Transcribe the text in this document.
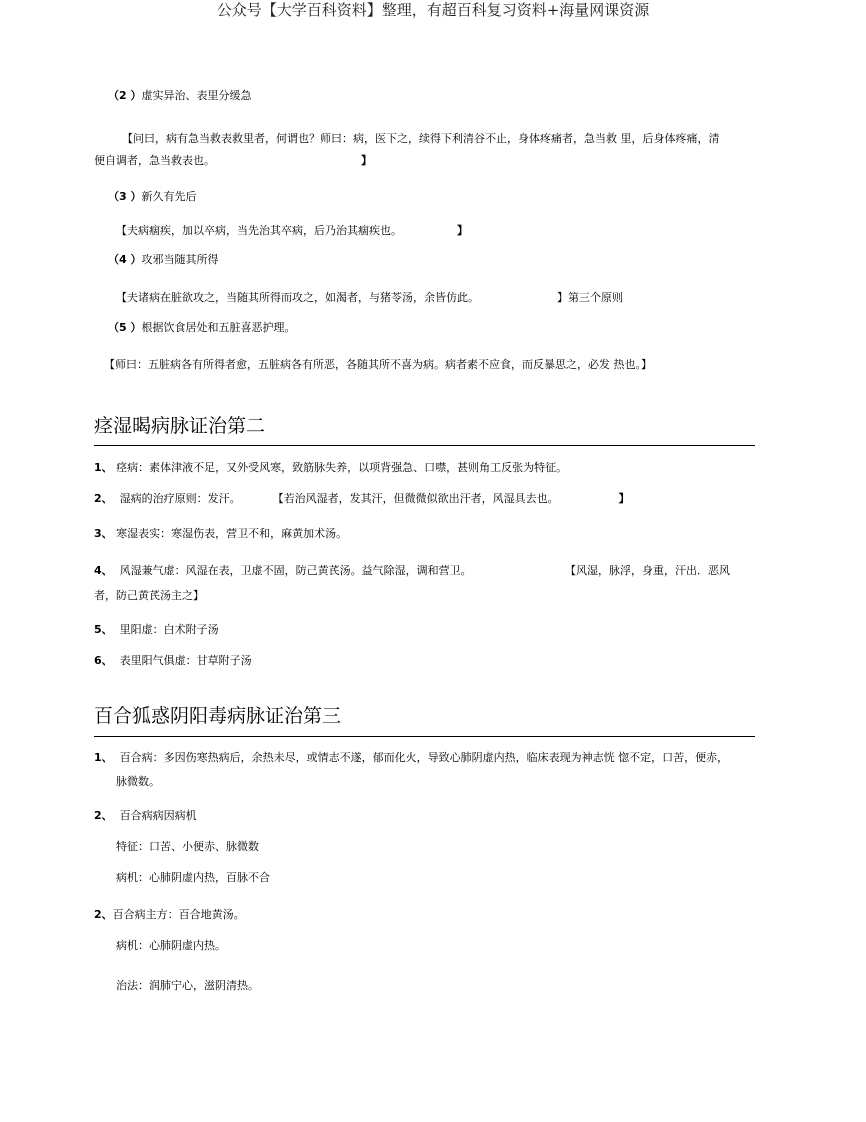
公众号【大学百科资料】整理，有超百科复习资料+海量网课资源
（2 ）虚实异治、表里分缓急
【问曰，病有急当救表救里者，何谓也？师曰：病，医下之，续得下利清谷不止，身体疼痛者，急当救 里，后身体疼痛，清
便自调者，急当救表也。	】
（3 ）新久有先后
【夫病痼疾，加以卒病，当先治其卒病，后乃治其痼疾也。	】
（4 ）攻邪当随其所得
【夫诸病在脏欲攻之，当随其所得而攻之，如渴者，与猪苓汤，余皆仿此。	】第三个原则
（5 ）根据饮食居处和五脏喜恶护理。
【师曰：五脏病各有所得者愈，五脏病各有所恶，各随其所不喜为病。病者素不应食，而反暴思之，必发 热也。】
痉湿暍病脉证治第二
1、 痉病：素体津液不足，又外受风寒，致筋脉失养，以项背强急、口噤，甚则角工反张为特征。
2、 湿病的治疗原则：发汗。	【若治风湿者，发其汗，但微微似欲出汗者，风湿具去也。	】
3、 寒湿表实：寒湿伤表，营卫不和，麻黄加术汤。
4、 风湿兼气虚：风湿在表，卫虚不固，防己黄芪汤。益气除湿，调和营卫。	【风湿，脉浮，身重，汗出．恶风
者，防己黄芪汤主之】
5、 里阳虚：白术附子汤
6、 表里阳气俱虚：甘草附子汤
百合狐惑阴阳毒病脉证治第三
1、 百合病：多因伤寒热病后，余热未尽，或情志不遂，郁而化火，导致心肺阴虚内热，临床表现为神志恍 惚不定，口苦，便赤，
脉微数。
2、 百合病病因病机
特征：口苦、小便赤、脉微数
病机：心肺阴虚内热，百脉不合
2、百合病主方：百合地黄汤。
病机：心肺阴虚内热。
治法：润肺宁心，滋阴清热。
